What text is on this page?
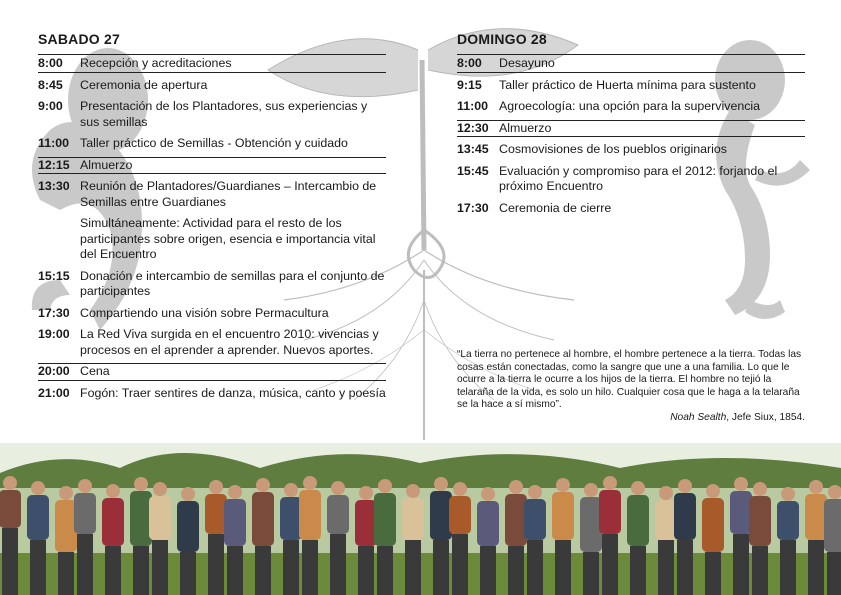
SABADO 27
8:00	Recepción y acreditaciones
8:45	Ceremonia de apertura
9:00	Presentación de los Plantadores, sus experiencias y sus semillas
11:00 Taller práctico de Semillas - Obtención y cuidado
12:15 Almuerzo
13:30 Reunión de Plantadores/Guardianes – Intercambio de Semillas entre Guardianes
Simultáneamente: Actividad para el resto de los participantes sobre origen, esencia e importancia vital del Encuentro
15:15 Donación e intercambio de semillas para el conjunto de participantes
17:30 Compartiendo una visión sobre Permacultura
19:00 La Red Viva surgida en el encuentro 2010: vivencias y procesos en el aprender a aprender. Nuevos aportes.
20:00 Cena
21:00 Fogón: Traer sentires de danza, música, canto y poesía
DOMINGO 28
8:00	Desayuno
9:15	Taller práctico de Huerta mínima para sustento
11:00 Agroecología: una opción para la supervivencia
12:30 Almuerzo
13:45 Cosmovisiones de los pueblos originarios
15:45 Evaluación y compromiso para el 2012: forjando el próximo Encuentro
17:30 Ceremonia de cierre
“La tierra no pertenece al hombre, el hombre pertenece a la tierra. Todas las cosas están conectadas, como la sangre que une a una familia. Lo que le ocurre a la tierra le ocurre a los hijos de la tierra. El hombre no tejió la telaraña de la vida, es solo un hilo. Cualquier cosa que le haga a la telaraña se la hace a sí mismo”.
Noah Sealth, Jefe Siux, 1854.
